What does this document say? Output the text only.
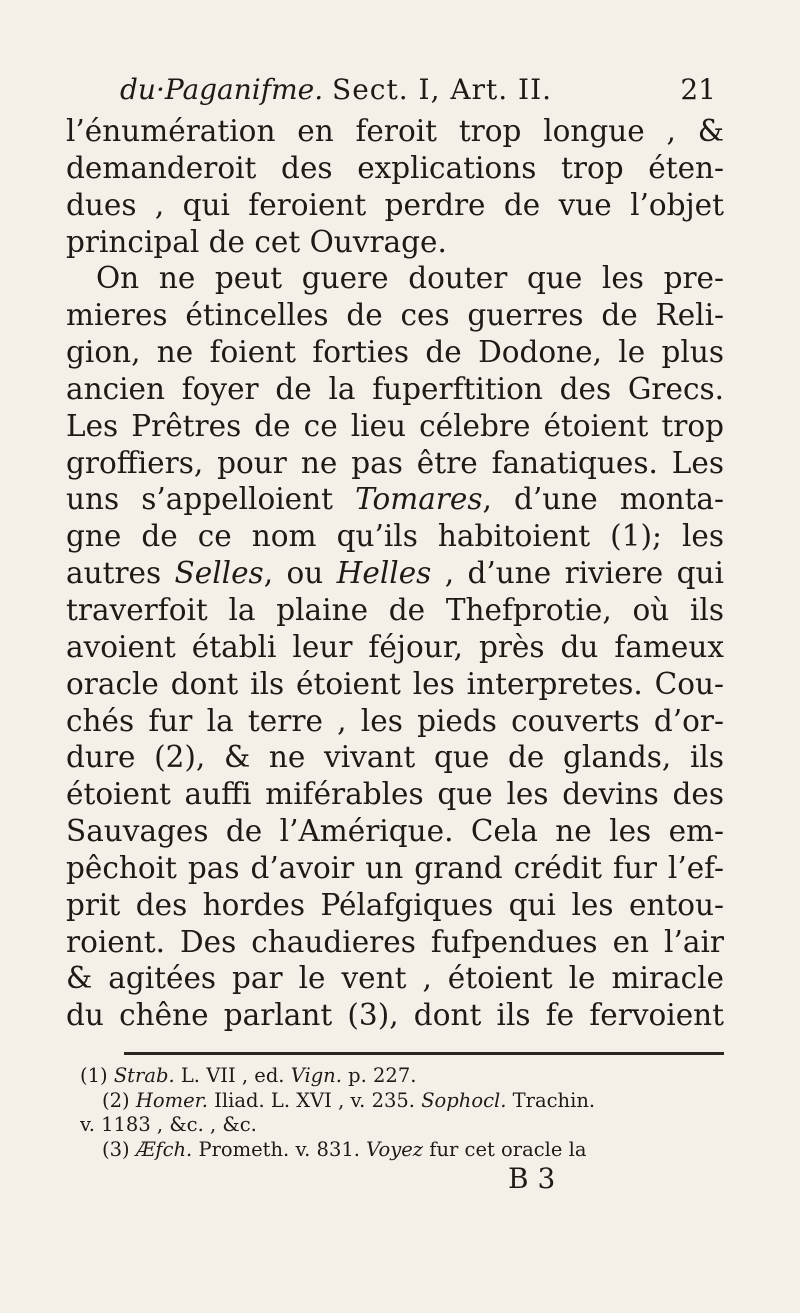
du·Paganifme. Sect. I, Art. II.	21
l’énumération en feroit trop longue , &
demanderoit des explications trop éten-
dues , qui feroient perdre de vue l’objet
principal de cet Ouvrage.
On ne peut guere douter que les pre-
mieres étincelles de ces guerres de Reli-
gion, ne foient forties de Dodone, le plus
ancien foyer de la fuperftition des Grecs.
Les Prêtres de ce lieu célebre étoient trop
groffiers, pour ne pas être fanatiques. Les
uns s’appelloient Tomares, d’une monta-
gne de ce nom qu’ils habitoient (1); les
autres Selles, ou Helles , d’une riviere qui
traverfoit la plaine de Thefprotie, où ils
avoient établi leur féjour, près du fameux
oracle dont ils étoient les interpretes. Cou-
chés fur la terre , les pieds couverts d’or-
dure (2), & ne vivant que de glands, ils
étoient auffi miférables que les devins des
Sauvages de l’Amérique. Cela ne les em-
pêchoit pas d’avoir un grand crédit fur l’ef-
prit des hordes Pélafgiques qui les entou-
roient. Des chaudieres fufpendues en l’air
& agitées par le vent , étoient le miracle
du chêne parlant (3), dont ils fe fervoient
(1) Strab. L. VII , ed. Vign. p. 227.
(2) Homer. Iliad. L. XVI , v. 235. Sophocl. Trachin.
v. 1183 , &c. , &c.
(3) Æfch. Prometh. v. 831. Voyez fur cet oracle la
B 3
